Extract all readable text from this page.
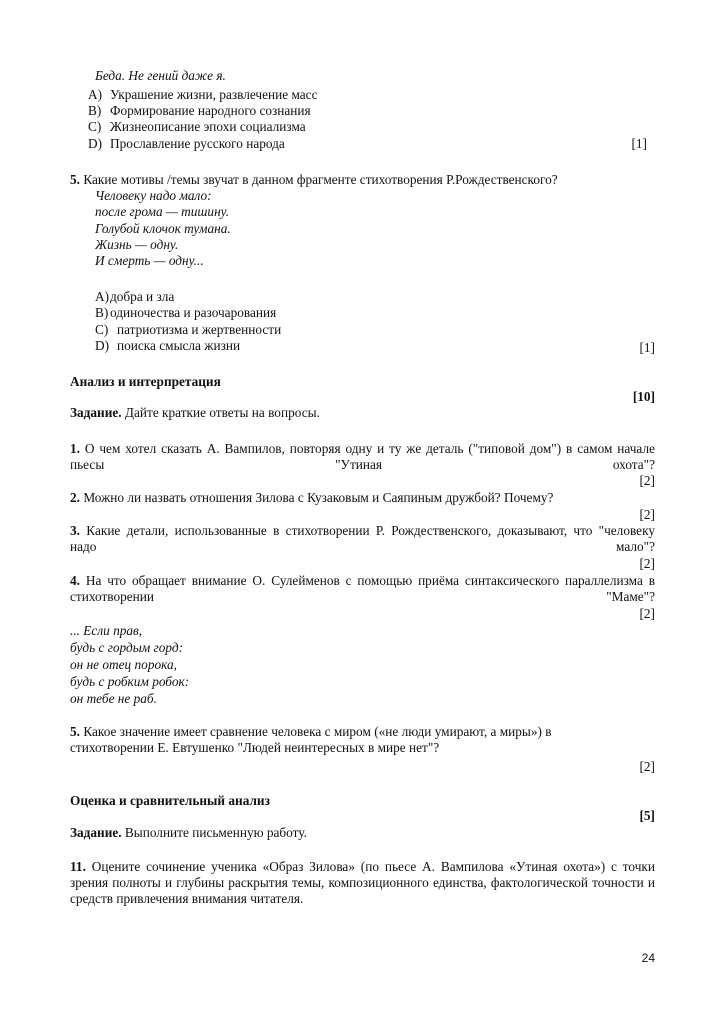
Беда. Не гений даже я.
A) Украшение жизни, развлечение масс
B) Формирование народного сознания
C) Жизнеописание эпохи социализма
D) Прославление русского народа	[1]
5. Какие мотивы /темы звучат в данном фрагменте стихотворения Р.Рождественского?
Человеку надо мало:
после грома — тишину.
Голубой клочок тумана.
Жизнь — одну.
И смерть — одну...
A)добра и зла
B) одиночества и разочарования
C) патриотизма и жертвенности
D) поиска смысла жизни	[1]
Анализ и интерпретация
[10]
Задание. Дайте краткие ответы на вопросы.
1. О чем хотел сказать А. Вампилов, повторяя одну и ту же деталь ("типовой дом") в самом начале пьесы "Утиная охота"?
[2]
2. Можно ли назвать отношения Зилова с Кузаковым и Саяпиным дружбой? Почему?
[2]
3. Какие детали, использованные в стихотворении Р. Рождественского, доказывают, что "человеку надо мало"?
[2]
4. На что обращает внимание О. Сулейменов с помощью приёма синтаксического параллелизма в стихотворении "Маме"?
[2]
... Если прав,
будь с гордым горд:
он не отец порока,
будь с робким робок:
он тебе не раб.
5. Какое значение имеет сравнение человека с миром («не люди умирают, а миры») в стихотворении Е. Евтушенко "Людей неинтересных в мире нет"?
[2]
Оценка и сравнительный анализ
[5]
Задание. Выполните письменную работу.
11. Оцените сочинение ученика «Образ Зилова» (по пьесе А. Вампилова «Утиная охота») с точки зрения полноты и глубины раскрытия темы, композиционного единства, фактологической точности и средств привлечения внимания читателя.
24
